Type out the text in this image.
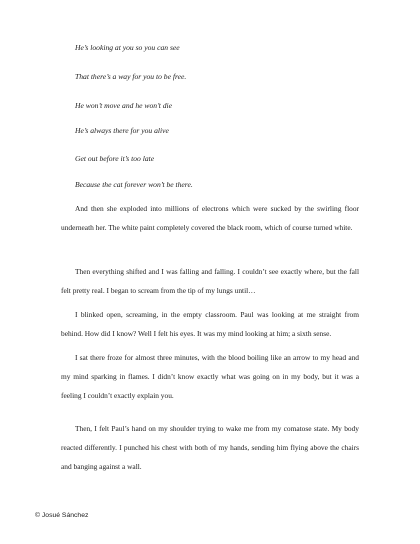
He’s looking at you so you can see

That there’s a way for you to be free.

He won’t move and he won’t die

He’s always there for you alive

Get out before it’s too late

Because the cat forever won’t be there.

And then she exploded into millions of electrons which were sucked by the swirling floor underneath her. The white paint completely covered the black room, which of course turned white.

Then everything shifted and I was falling and falling. I couldn’t see exactly where, but the fall felt pretty real. I began to scream from the tip of my lungs until…

I blinked open, screaming, in the empty classroom. Paul was looking at me straight from behind. How did I know? Well I felt his eyes. It was my mind looking at him; a sixth sense.

I sat there froze for almost three minutes, with the blood boiling like an arrow to my head and my mind sparking in flames. I didn’t know exactly what was going on in my body, but it was a feeling I couldn’t exactly explain you.

Then, I felt Paul’s hand on my shoulder trying to wake me from my comatose state. My body reacted differently. I punched his chest with both of my hands, sending him flying above the chairs and banging against a wall.

© Josué Sánchez
